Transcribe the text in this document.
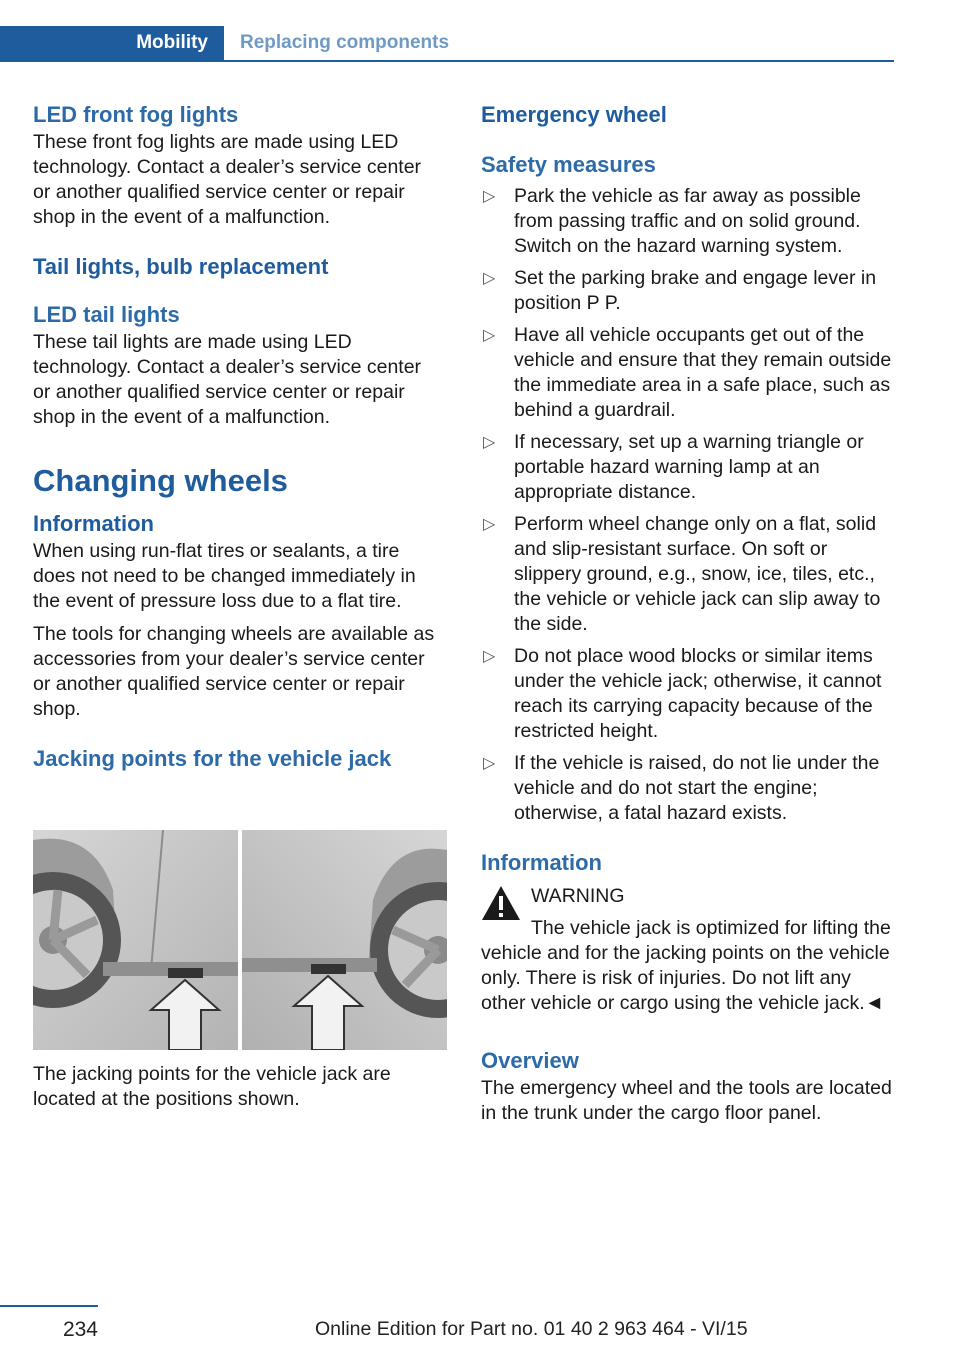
Mobility	Replacing components
LED front fog lights

These front fog lights are made using LED technology. Contact a dealer’s service center or another qualified service center or repair shop in the event of a malfunction.

Tail lights, bulb replacement
LED tail lights

These tail lights are made using LED technology. Contact a dealer’s service center or another qualified service center or repair shop in the event of a malfunction.

Changing wheels
Information

When using run-flat tires or sealants, a tire does not need to be changed immediately in the event of pressure loss due to a flat tire.

The tools for changing wheels are available as accessories from your dealer’s service center or another qualified service center or repair shop.

Jacking points for the vehicle jack

The jacking points for the vehicle jack are located at the positions shown.

Emergency wheel
Safety measures
▷ Park the vehicle as far away as possible from passing traffic and on solid ground. Switch on the hazard warning system.
▷ Set the parking brake and engage lever in position P P.
▷ Have all vehicle occupants get out of the vehicle and ensure that they remain outside the immediate area in a safe place, such as behind a guardrail.
▷ If necessary, set up a warning triangle or portable hazard warning lamp at an appropriate distance.
▷ Perform wheel change only on a flat, solid and slip-resistant surface. On soft or slippery ground, e.g., snow, ice, tiles, etc., the vehicle or vehicle jack can slip away to the side.
▷ Do not place wood blocks or similar items under the vehicle jack; otherwise, it cannot reach its carrying capacity because of the restricted height.
▷ If the vehicle is raised, do not lie under the vehicle and do not start the engine; otherwise, a fatal hazard exists.
Information

WARNING

The vehicle jack is optimized for lifting the vehicle and for the jacking points on the vehicle only. There is risk of injuries. Do not lift any other vehicle or cargo using the vehicle jack.◄

Overview

The emergency wheel and the tools are located in the trunk under the cargo floor panel.

234	Online Edition for Part no. 01 40 2 963 464 - VI/15
